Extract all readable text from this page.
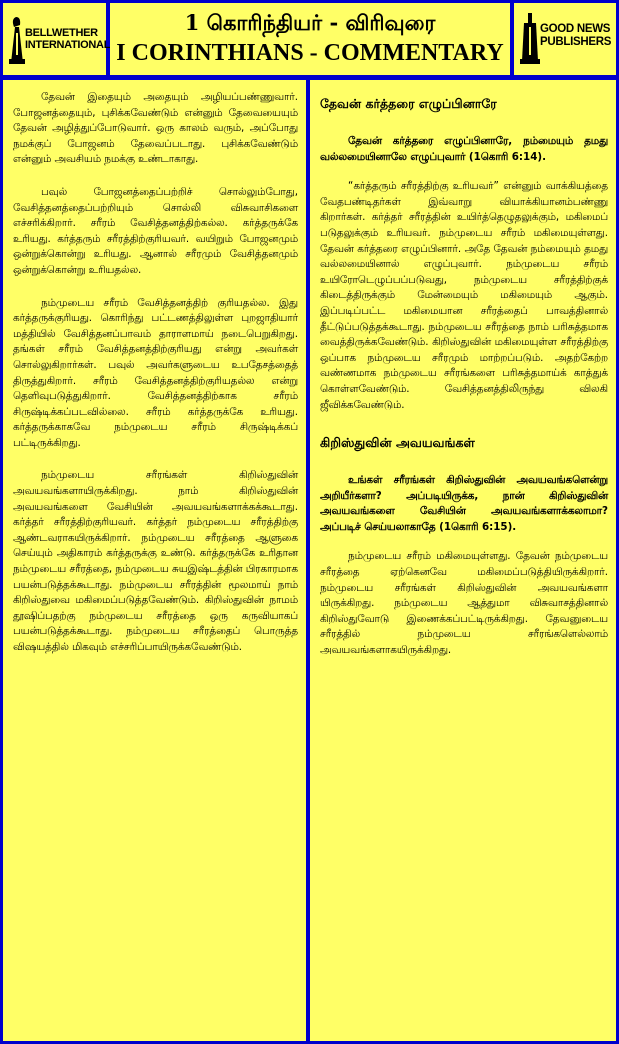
BELLWETHER
INTERNATIONAL
1 கொரிந்தியர் - விரிவுரை
I CORINTHIANS - COMMENTARY
GOOD NEWS
PUBLISHERS

தேவன் இதையும் அதையும் அழியப்பண்ணுவார். போஜனத்தையும், புசிக்கவேண்டும் என்னும் தேவையையும் தேவன் அழித்துப்போடுவார். ஒரு காலம் வரும், அப்போது நமக்குப் போஜனம் தேவைப்படாது. புசிக்கவேண்டும் என்னும் அவசியம் நமக்கு உண்டாகாது.

பவுல் போஜனத்தைப்பற்றிச் சொல்லும்போது, வேசித்தனத்தைப்பற்றியும் சொல்லி விசுவாசிகளை எச்சரிக்கிறார். சரீரம் வேசித்தனத்திற்கல்ல. கர்த்தருக்கே உரியது. கர்த்தரும் சரீரத்திற்குரியவர். வயிறும் போஜனமும் ஒன்றுக்கொன்று உரியது. ஆனால் சரீரமும் வேசித்தனமும் ஒன்றுக்கொன்று உரியதல்ல.

நம்முடைய சரீரம் வேசித்தனத்திற் குரியதல்ல. இது கர்த்தருக்குரியது. கொரிந்து பட்டணத்திலுள்ள புறஜாதியார் மத்தியில் வேசித்தனப்பாவம் தாராளமாய் நடைபெறுகிறது. தங்கள் சரீரம் வேசித்தனத்திற்குரியது என்று அவர்கள் சொல்லுகிறார்கள். பவுல் அவர்களுடைய உபதேசத்தைத் திருத்துகிறார். சரீரம் வேசித்தனத்திற்குரியதல்ல என்று தெளிவுபடுத்துகிறார். வேசித்தனத்திற்காக சரீரம் சிருஷ்டிக்கப்படவில்லை. சரீரம் கர்த்தருக்கே உரியது. கர்த்தருக்காகவே நம்முடைய சரீரம் சிருஷ்டிக்கப் பட்டிருக்கிறது.

நம்முடைய சரீரங்கள் கிறிஸ்துவின் அவயவங்களாயிருக்கிறது. நாம் கிறிஸ்துவின் அவயவங்களை வேசியின் அவயவங்களாக்கக்கூடாது. கர்த்தர் சரீரத்திற்குரியவர். கர்த்தர் நம்முடைய சரீரத்திற்கு ஆண்டவராகயிருக்கிறார். நம்முடைய சரீரத்தை ஆளுகை செய்யும் அதிகாரம் கர்த்தருக்கு உண்டு. கர்த்தருக்கே உரிதான நம்முடைய சரீரத்தை, நம்முடைய சுயஇஷ்டத்தின் பிரகாரமாக பயன்படுத்தக்கூடாது. நம்முடைய சரீரத்தின் மூலமாய் நாம் கிறிஸ்துவை மகிமைப்படுத்தவேண்டும். கிறிஸ்துவின் நாமம் தூஷிப்பதற்கு நம்முடைய சரீரத்தை ஒரு கருவியாகப் பயன்படுத்தக்கூடாது. நம்முடைய சரீரத்தைப் பொருத்த விஷயத்தில் மிகவும் எச்சரிப்பாயிருக்கவேண்டும்.

தேவன் கர்த்தரை எழுப்பினாரே

தேவன் கர்த்தரை எழுப்பினாரே, நம்மையும் தமது வல்லமையினாலே எழுப்புவார் (1கொரி 6:14).

“கர்த்தரும் சரீரத்திற்கு உரியவர்” என்னும் வாக்கியத்தை வேதபண்டிதர்கள் இவ்வாறு வியாக்கியானம்பண்ணு கிறார்கள். கர்த்தர் சரீரத்தின் உயிர்த்தெழுதலுக்கும், மகிமைப் படுதலுக்கும் உரியவர். நம்முடைய சரீரம் மகிமையுள்ளது. தேவன் கர்த்தரை எழுப்பினார். அதே தேவன் நம்மையும் தமது வல்லமையினால் எழுப்புவார். நம்முடைய சரீரம் உயிரோடெழுப்பப்படுவது, நம்முடைய சரீரத்திற்குக் கிடைத்திருக்கும் மேன்மையும் மகிமையும் ஆகும். இப்படிப்பட்ட மகிமையான சரீரத்தைப் பாவத்தினால் தீட்டுப்படுத்தக்கூடாது. நம்முடைய சரீரத்தை நாம் பரிசுத்தமாக வைத்திருக்கவேண்டும். கிறிஸ்துவின் மகிமையுள்ள சரீரத்திற்கு ஒப்பாக நம்முடைய சரீரமும் மாற்றப்படும். அதற்கேற்ற வண்ணமாக நம்முடைய சரீரங்களை பரிசுத்தமாய்க் காத்துக் கொள்ளவேண்டும். வேசித்தனத்திலிருந்து விலகி ஜீவிக்கவேண்டும்.

கிறிஸ்துவின் அவயவங்கள்

உங்கள் சரீரங்கள் கிறிஸ்துவின் அவயவங்களென்று அறியீர்களா? அப்படியிருக்க, நான் கிறிஸ்துவின் அவயவங்களை வேசியின் அவயவங்களாக்கலாமா? அப்படிச் செய்யலாகாதே (1கொரி 6:15).

நம்முடைய சரீரம் மகிமையுள்ளது. தேவன் நம்முடைய சரீரத்தை ஏற்கெனவே மகிமைப்படுத்தியிருக்கிறார். நம்முடைய சரீரங்கள் கிறிஸ்துவின் அவயவங்களா யிருக்கிறது. நம்முடைய ஆத்துமா விசுவாசத்தினால் கிறிஸ்துவோடு இணைக்கப்பட்டிருக்கிறது. தேவனுடைய சரீரத்தில் நம்முடைய சரீரங்களெல்லாம் அவயவங்களாகயிருக்கிறது.
